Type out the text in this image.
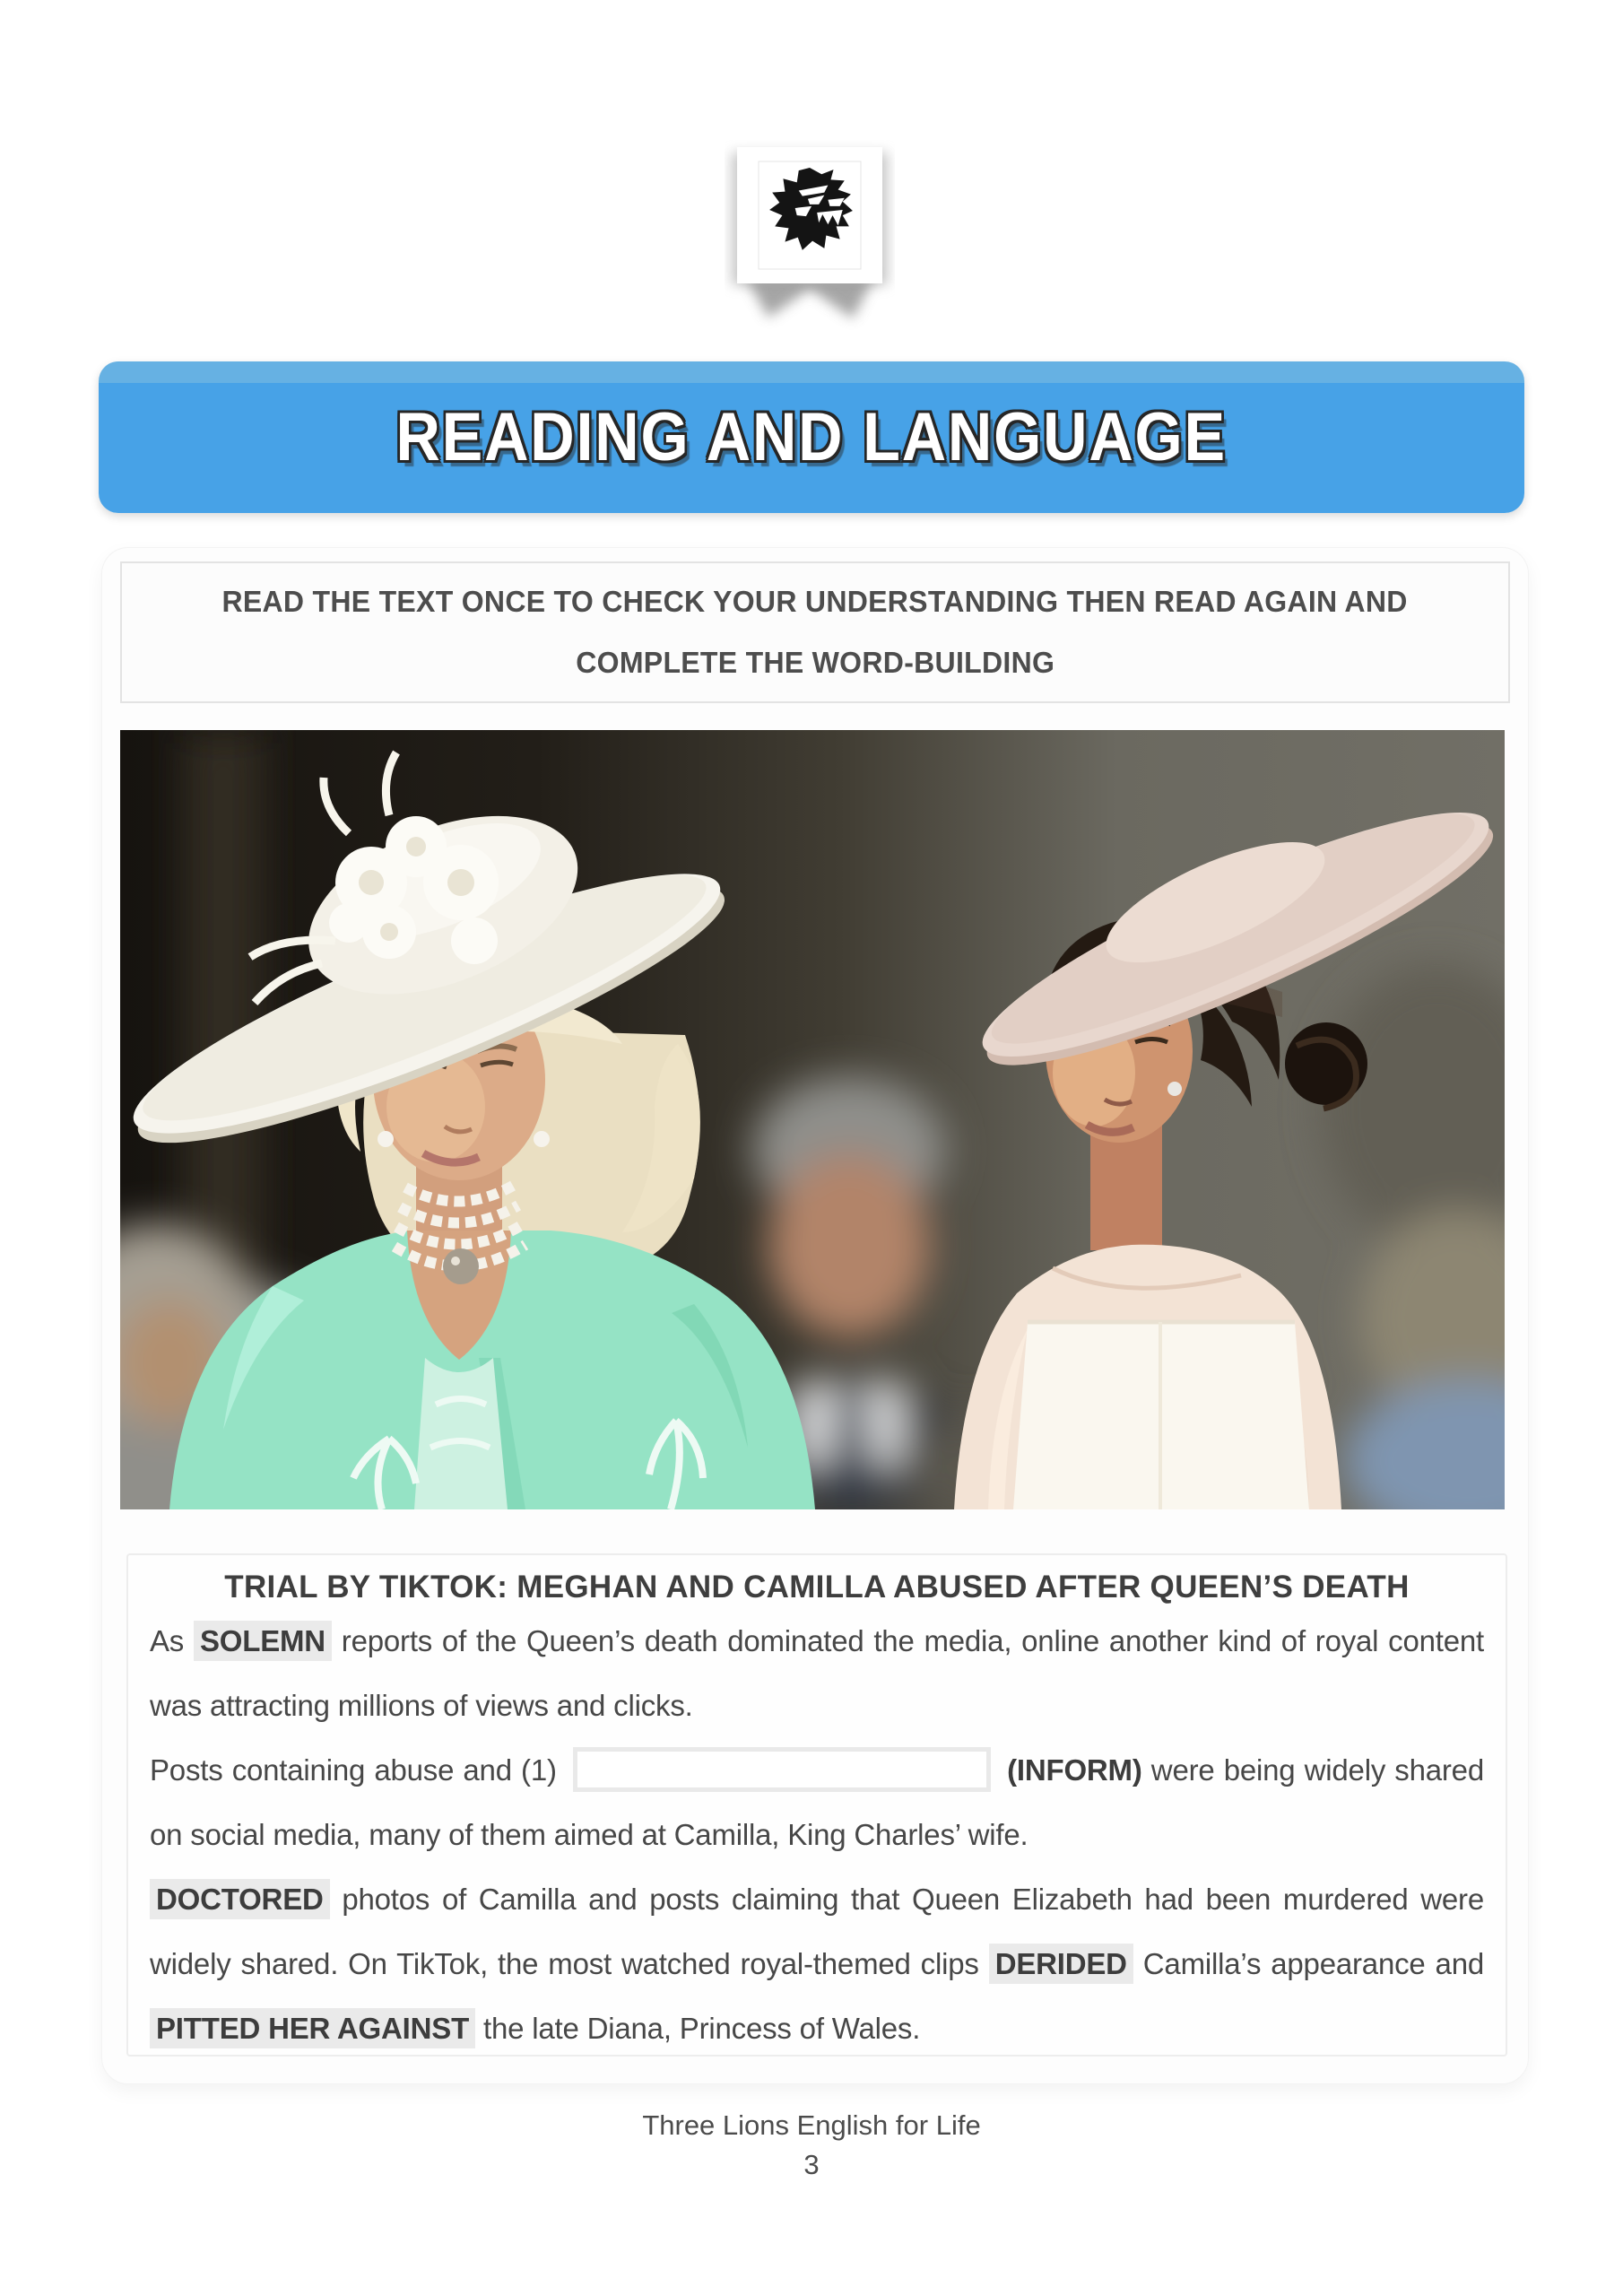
READING AND LANGUAGE
READ THE TEXT ONCE TO CHECK YOUR UNDERSTANDING THEN READ AGAIN AND
COMPLETE THE WORD-BUILDING
TRIAL BY TIKTOK: MEGHAN AND CAMILLA ABUSED AFTER QUEEN’S DEATH

As SOLEMN reports of the Queen’s death dominated the media, online another kind of royal content was attracting millions of views and clicks.

Posts containing abuse and (1)	(INFORM) were being widely shared on social media, many of them aimed at Camilla, King Charles’ wife.

DOCTORED photos of Camilla and posts claiming that Queen Elizabeth had been murdered were widely shared. On TikTok, the most watched royal-themed clips DERIDED Camilla’s appearance and PITTED HER AGAINST the late Diana, Princess of Wales.

Three Lions English for Life
3
